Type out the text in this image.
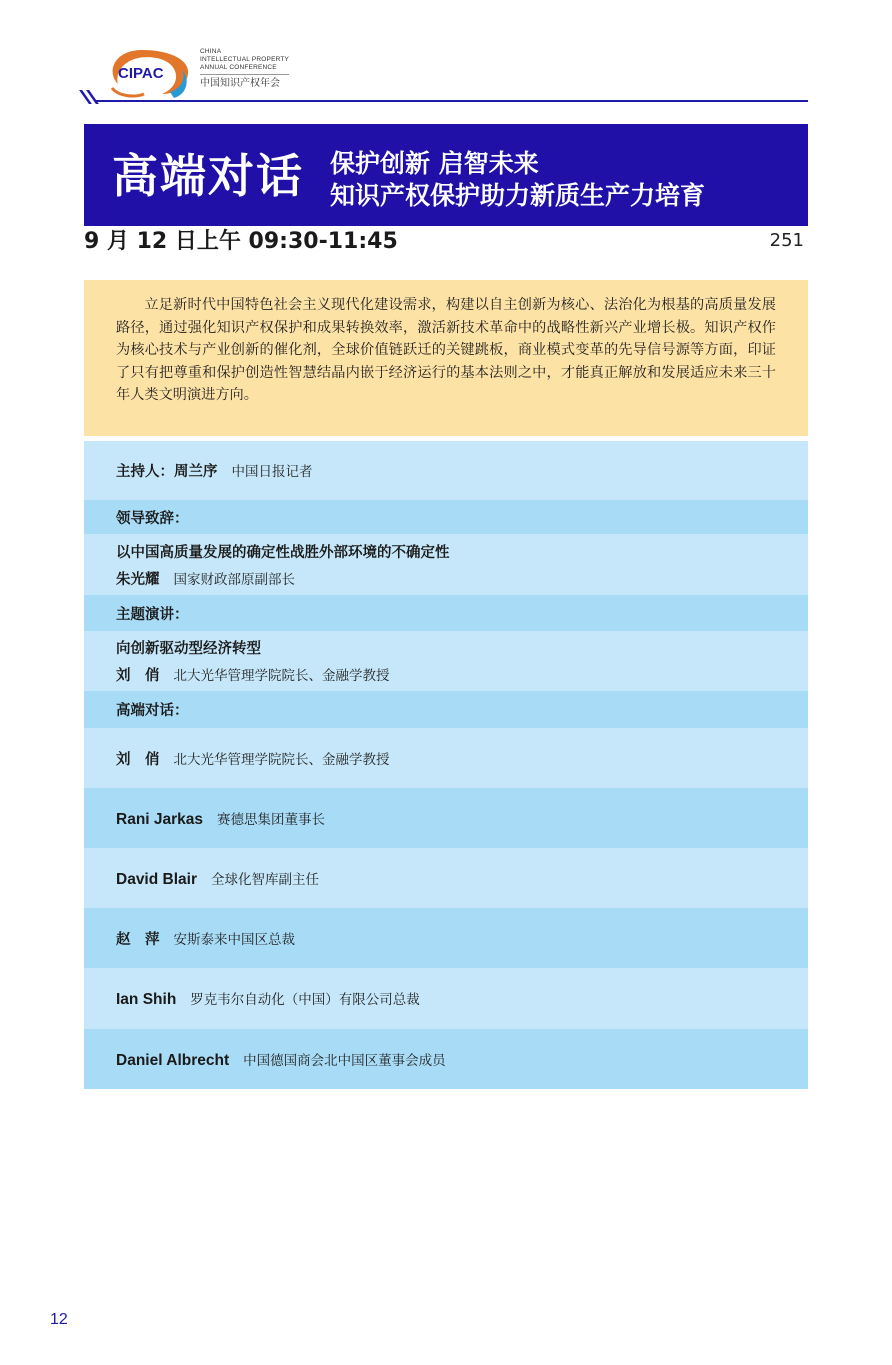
CIPAC
CHINA
INTELLECTUAL PROPERTY
ANNUAL CONFERENCE
中国知识产权年会
高端对话 保护创新 启智未来
知识产权保护助力新质生产力培育
9 月 12 日上午 09:30-11:45	251

立足新时代中国特色社会主义现代化建设需求，构建以自主创新为核心、法治化为根基的高质量发展路径，通过强化知识产权保护和成果转换效率，激活新技术革命中的战略性新兴产业增长极。知识产权作为核心技术与产业创新的催化剂，全球价值链跃迁的关键跳板，商业模式变革的先导信号源等方面，印证了只有把尊重和保护创造性智慧结晶内嵌于经济运行的基本法则之中，才能真正解放和发展适应未来三十年人类文明演进方向。

主持人：周兰序 中国日报记者
领导致辞：
以中国高质量发展的确定性战胜外部环境的不确定性
朱光耀 国家财政部原副部长
主题演讲：
向创新驱动型经济转型
刘　俏 北大光华管理学院院长、金融学教授
高端对话：
刘　俏 北大光华管理学院院长、金融学教授
Rani Jarkas 赛德思集团董事长
David Blair 全球化智库副主任
赵　萍 安斯泰来中国区总裁
Ian Shih 罗克韦尔自动化（中国）有限公司总裁
Daniel Albrecht 中国德国商会北中国区董事会成员
12
